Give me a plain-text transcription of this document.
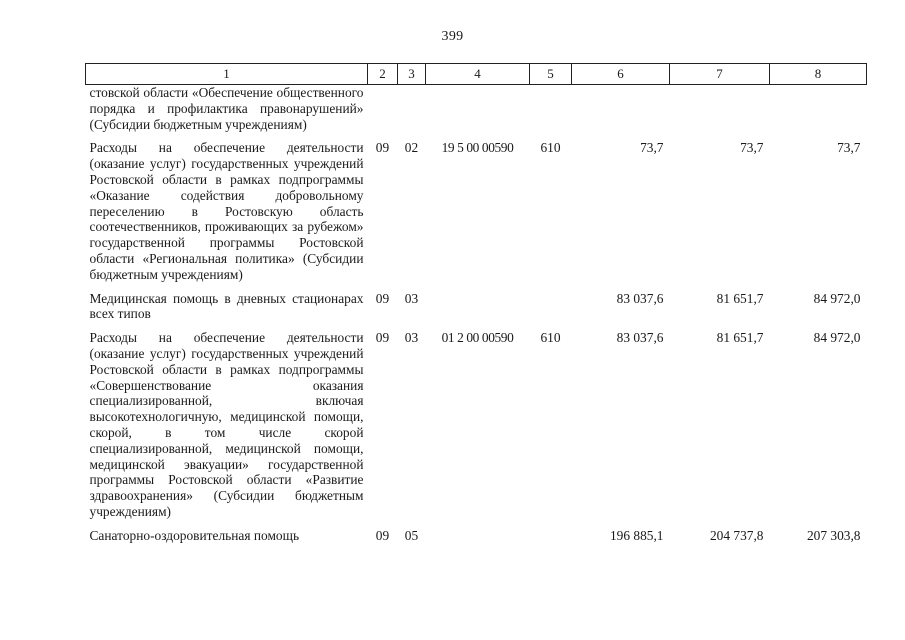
399
1	2	3	4	5	6	7	8
стовской области «Обеспечение общественного порядка и профилактика правонарушений» (Субсидии бюджетным учреждениям)							
Расходы на обеспечение деятельности (оказание услуг) государственных учреждений Ростовской области в рамках подпрограммы «Оказание содействия добровольному переселению в Ростовскую область соотечественников, проживающих за рубежом» государственной программы Ростовской области «Региональная политика» (Субсидии бюджетным учреждениям)	09	02	19 5 00 00590	610	73,7	73,7	73,7
Медицинская помощь в дневных стационарах всех типов	09	03			83 037,6	81 651,7	84 972,0
Расходы на обеспечение деятельности (оказание услуг) государственных учреждений Ростовской области в рамках подпрограммы «Совершенствование оказания специализированной, включая высокотехнологичную, медицинской помощи, скорой, в том числе скорой специализированной, медицинской помощи, медицинской эвакуации» государственной программы Ростовской области «Развитие здравоохранения» (Субсидии бюджетным учреждениям)	09	03	01 2 00 00590	610	83 037,6	81 651,7	84 972,0
Санаторно-оздоровительная помощь	09	05			196 885,1	204 737,8	207 303,8
